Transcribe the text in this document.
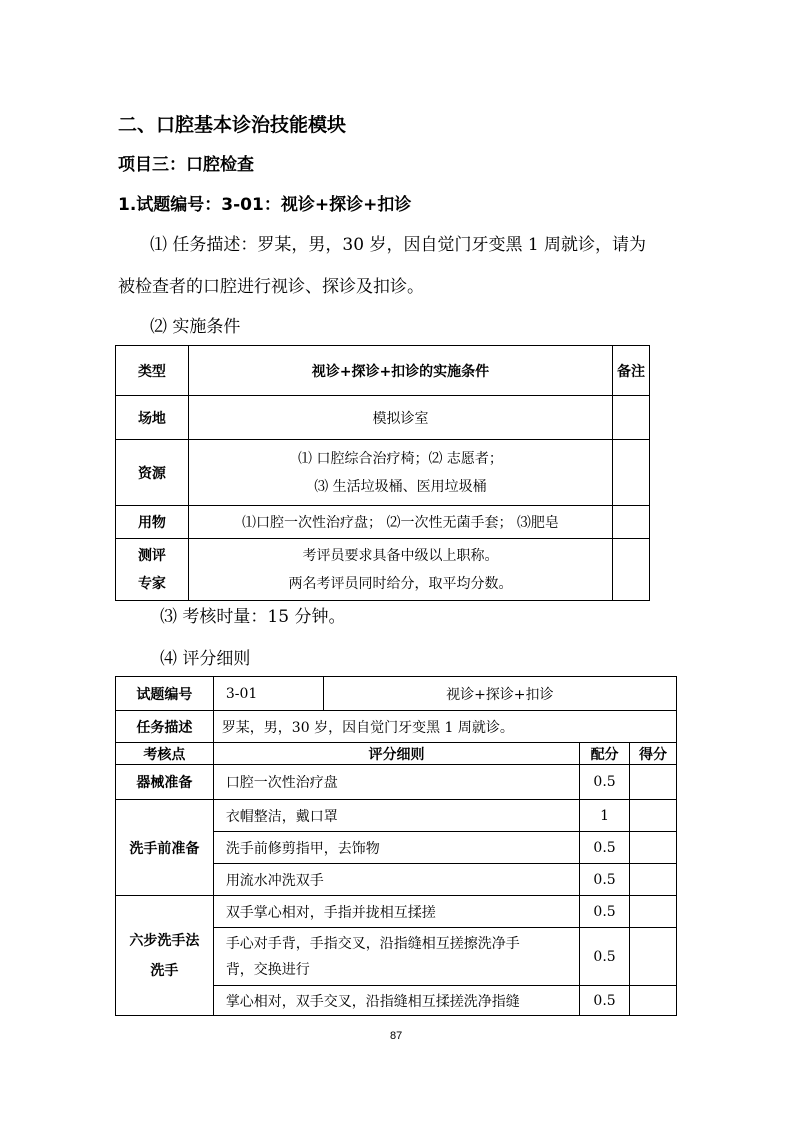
二、口腔基本诊治技能模块
项目三：口腔检查
1.试题编号：3-01：视诊+探诊+扣诊
⑴ 任务描述：罗某，男，30 岁，因自觉门牙变黑 1 周就诊，请为
被检查者的口腔进行视诊、探诊及扣诊。
⑵ 实施条件
类型	视诊+探诊+扣诊的实施条件	备注
场地	模拟诊室	
资源	⑴ 口腔综合治疗椅；⑵ 志愿者；
⑶ 生活垃圾桶、医用垃圾桶	

用物	⑴口腔一次性治疗盘； ⑵一次性无菌手套； ⑶肥皂	

测评
专家	考评员要求具备中级以上职称。
两名考评员同时给分，取平均分数。	

⑶ 考核时量：15 分钟。
⑷ 评分细则
试题编号	3-01	视诊+探诊+扣诊		
任务描述	罗某，男，30 岁，因自觉门牙变黑 1 周就诊。			
考核点	评分细则		配分	得分
器械准备	口腔一次性治疗盘		0.5	
洗手前准备	衣帽整洁，戴口罩		1	
	洗手前修剪指甲，去饰物		0.5	
	用流水冲洗双手		0.5	

六步洗手法
洗手	双手掌心相对，手指并拢相互揉搓		0.5	

	手心对手背，手指交叉，沿指缝相互搓擦洗净手
背，交换进行		0.5	
	掌心相对，双手交叉，沿指缝相互揉搓洗净指缝		0.5	
87
